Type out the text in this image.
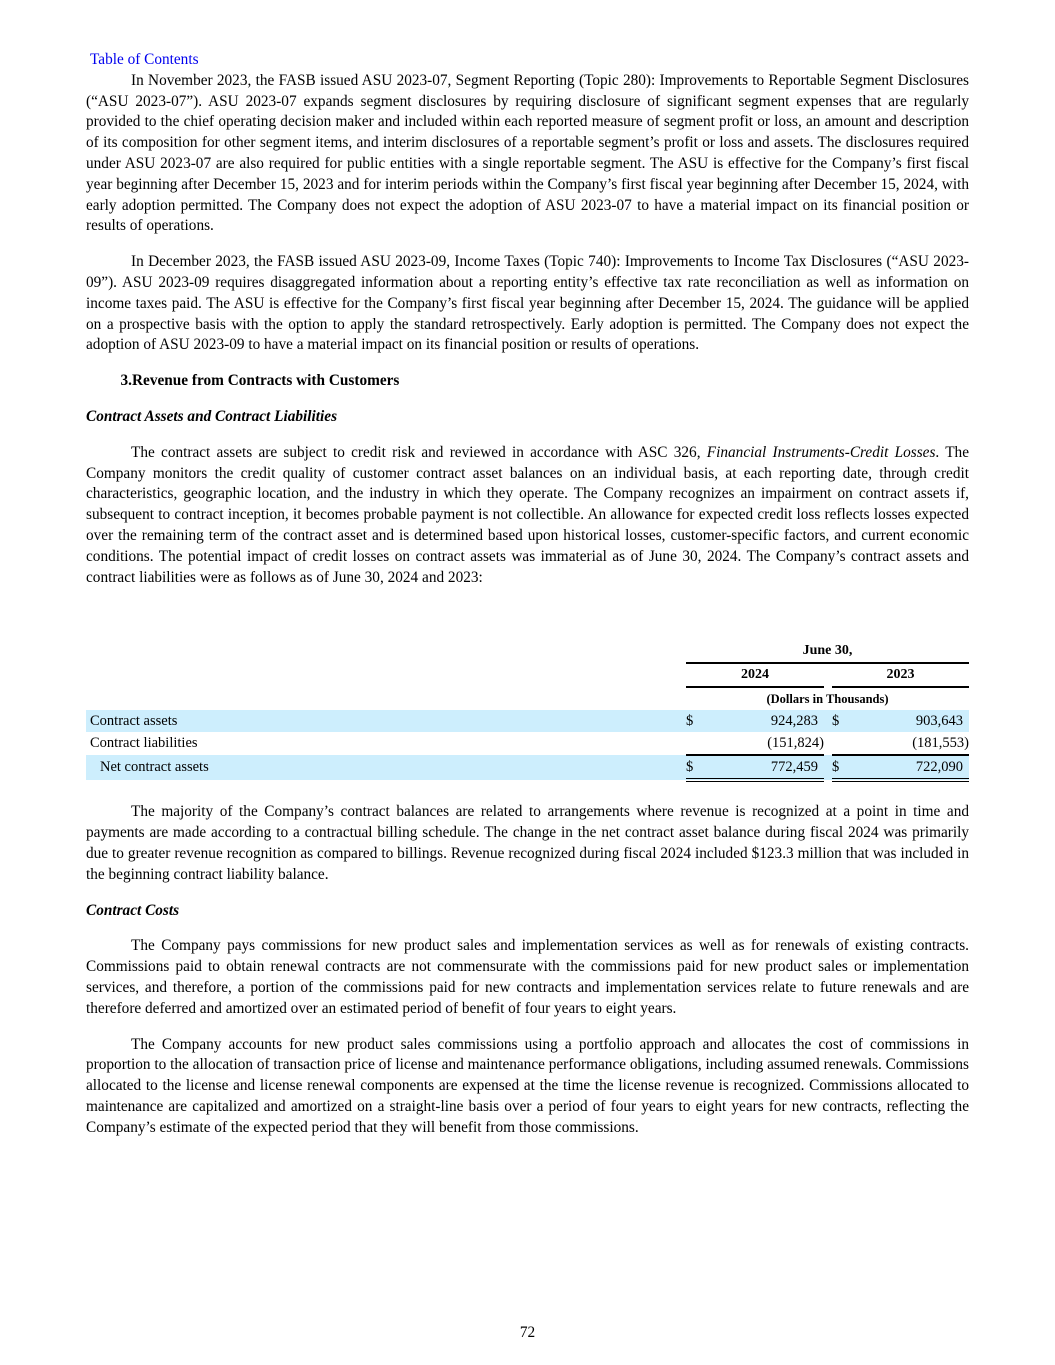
Table of Contents

In November 2023, the FASB issued ASU 2023-07, Segment Reporting (Topic 280): Improvements to Reportable Segment Disclosures (“ASU 2023-07”). ASU 2023-07 expands segment disclosures by requiring disclosure of significant segment expenses that are regularly provided to the chief operating decision maker and included within each reported measure of segment profit or loss, an amount and description of its composition for other segment items, and interim disclosures of a reportable segment’s profit or loss and assets. The disclosures required under ASU 2023-07 are also required for public entities with a single reportable segment. The ASU is effective for the Company’s first fiscal year beginning after December 15, 2023 and for interim periods within the Company’s first fiscal year beginning after December 15, 2024, with early adoption permitted. The Company does not expect the adoption of ASU 2023-07 to have a material impact on its financial position or results of operations.

In December 2023, the FASB issued ASU 2023-09, Income Taxes (Topic 740): Improvements to Income Tax Disclosures (“ASU 2023-09”). ASU 2023-09 requires disaggregated information about a reporting entity’s effective tax rate reconciliation as well as information on income taxes paid. The ASU is effective for the Company’s first fiscal year beginning after December 15, 2024. The guidance will be applied on a prospective basis with the option to apply the standard retrospectively. Early adoption is permitted. The Company does not expect the adoption of ASU 2023-09 to have a material impact on its financial position or results of operations.

3.Revenue from Contracts with Customers
Contract Assets and Contract Liabilities

The contract assets are subject to credit risk and reviewed in accordance with ASC 326, Financial Instruments-Credit Losses. The Company monitors the credit quality of customer contract asset balances on an individual basis, at each reporting date, through credit characteristics, geographic location, and the industry in which they operate. The Company recognizes an impairment on contract assets if, subsequent to contract inception, it becomes probable payment is not collectible. An allowance for expected credit loss reflects losses expected over the remaining term of the contract asset and is determined based upon historical losses, customer-specific factors, and current economic conditions. The potential impact of credit losses on contract assets was immaterial as of June 30, 2024. The Company’s contract assets and contract liabilities were as follows as of June 30, 2024 and 2023:

	June 30,				
	2024			2023	
	(Dollars in Thousands)				
Contract assets	$	924,283		$	903,643
Contract liabilities		(151,824)			(181,553)
Net contract assets	$	772,459		$	722,090

The majority of the Company’s contract balances are related to arrangements where revenue is recognized at a point in time and payments are made according to a contractual billing schedule. The change in the net contract asset balance during fiscal 2024 was primarily due to greater revenue recognition as compared to billings. Revenue recognized during fiscal 2024 included $123.3 million that was included in the beginning contract liability balance.

Contract Costs

The Company pays commissions for new product sales and implementation services as well as for renewals of existing contracts. Commissions paid to obtain renewal contracts are not commensurate with the commissions paid for new product sales or implementation services, and therefore, a portion of the commissions paid for new contracts and implementation services relate to future renewals and are therefore deferred and amortized over an estimated period of benefit of four years to eight years.

The Company accounts for new product sales commissions using a portfolio approach and allocates the cost of commissions in proportion to the allocation of transaction price of license and maintenance performance obligations, including assumed renewals. Commissions allocated to the license and license renewal components are expensed at the time the license revenue is recognized. Commissions allocated to maintenance are capitalized and amortized on a straight-line basis over a period of four years to eight years for new contracts, reflecting the Company’s estimate of the expected period that they will benefit from those commissions.

72
